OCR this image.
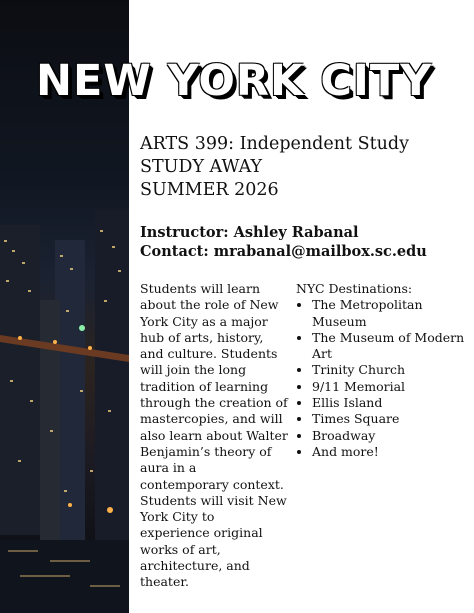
NEW YORK CITY
ARTS 399: Independent Study
STUDY AWAY
SUMMER 2026
Instructor: Ashley Rabanal
Contact: mrabanal@mailbox.sc.edu
Students will learn about the role of New York City as a major hub of arts, history, and culture. Students will join the long tradition of learning through the creation of mastercopies, and will also learn about Walter Benjamin’s theory of aura in a contemporary context. Students will visit New York City to experience original works of art, architecture, and theater.
NYC Destinations:
• The Metropolitan Museum
• The Museum of Modern Art
• Trinity Church
• 9/11 Memorial
• Ellis Island
• Times Square
• Broadway
• And more!
